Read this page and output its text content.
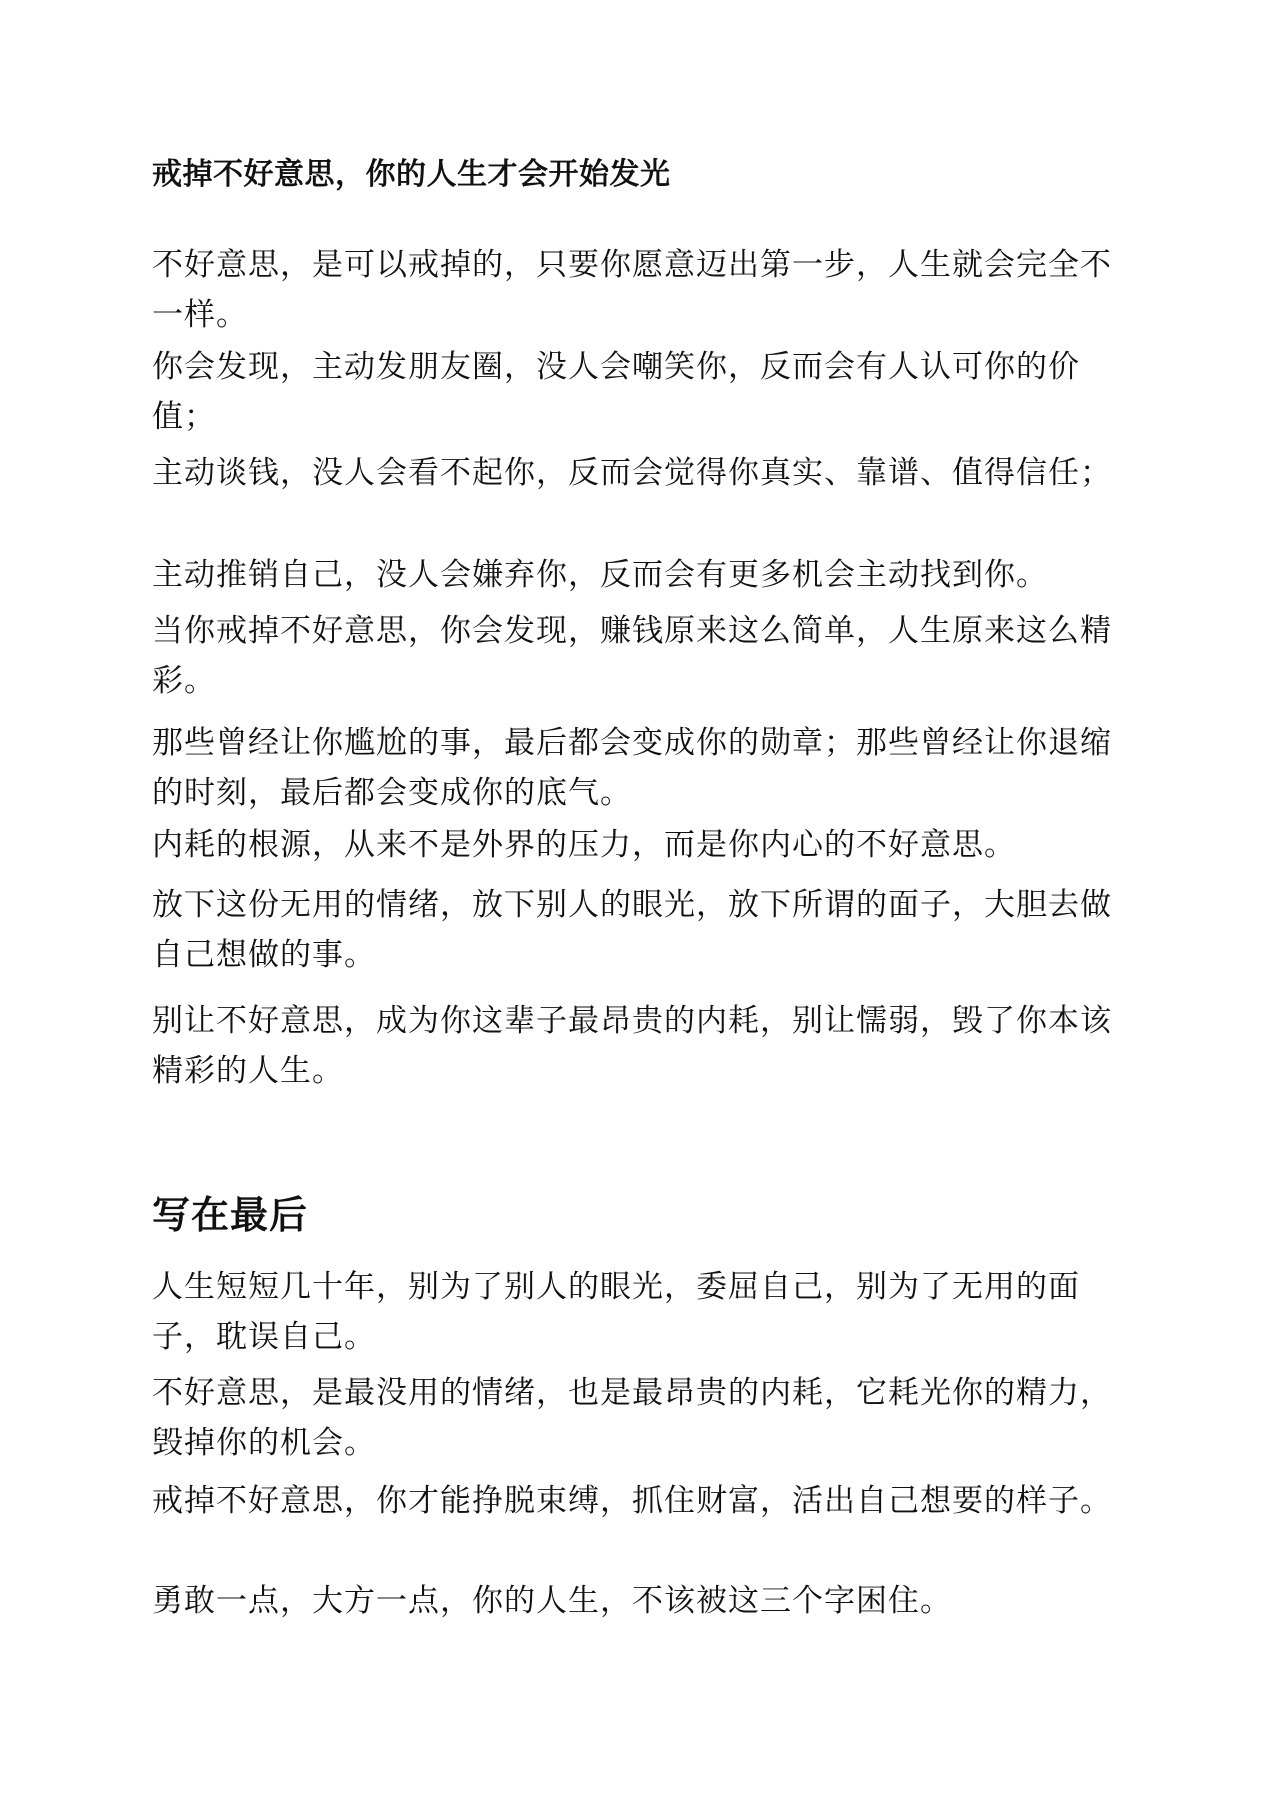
戒掉不好意思，你的人生才会开始发光

不好意思，是可以戒掉的，只要你愿意迈出第一步，人生就会完全不一样。

你会发现，主动发朋友圈，没人会嘲笑你，反而会有人认可你的价值；

主动谈钱，没人会看不起你，反而会觉得你真实、靠谱、值得信任；

主动推销自己，没人会嫌弃你，反而会有更多机会主动找到你。

当你戒掉不好意思，你会发现，赚钱原来这么简单，人生原来这么精彩。

那些曾经让你尴尬的事，最后都会变成你的勋章；那些曾经让你退缩的时刻，最后都会变成你的底气。

内耗的根源，从来不是外界的压力，而是你内心的不好意思。

放下这份无用的情绪，放下别人的眼光，放下所谓的面子，大胆去做自己想做的事。

别让不好意思，成为你这辈子最昂贵的内耗，别让懦弱，毁了你本该精彩的人生。

写在最后

人生短短几十年，别为了别人的眼光，委屈自己，别为了无用的面子，耽误自己。

不好意思，是最没用的情绪，也是最昂贵的内耗，它耗光你的精力，毁掉你的机会。

戒掉不好意思，你才能挣脱束缚，抓住财富，活出自己想要的样子。

勇敢一点，大方一点，你的人生，不该被这三个字困住。
